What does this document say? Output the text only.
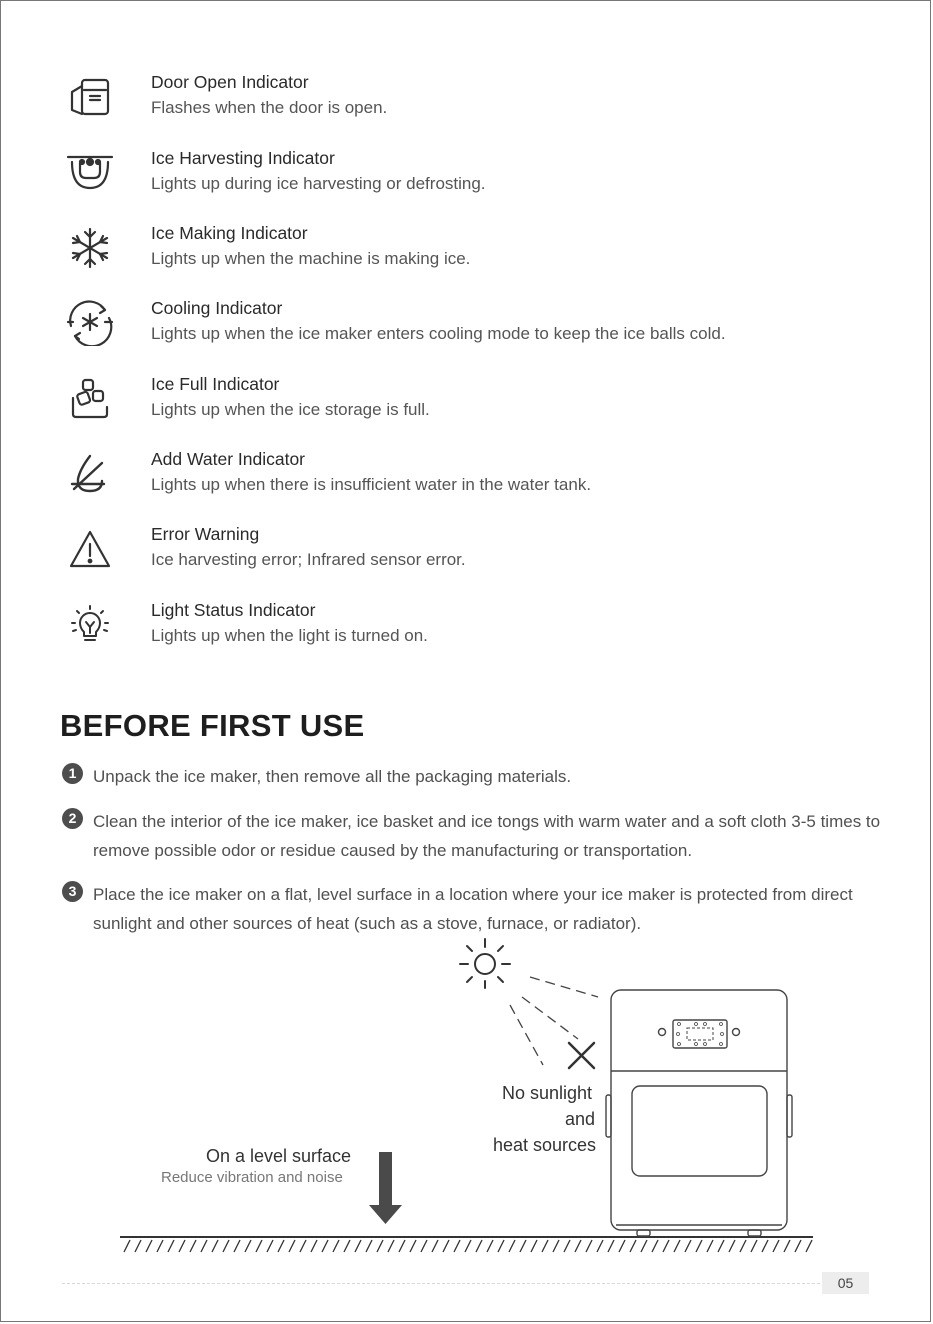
Door Open Indicator
Flashes when the door is open.
Ice Harvesting Indicator
Lights up during ice harvesting or defrosting.
Ice Making Indicator
Lights up when the machine is making ice.
Cooling Indicator
Lights up when the ice maker enters cooling mode to keep the ice balls cold.
Ice Full Indicator
Lights up when the ice storage is full.
Add Water Indicator
Lights up when there is insufficient water in the water tank.
Error Warning
Ice harvesting error; Infrared sensor error.
Light Status Indicator
Lights up when the light is turned on.
BEFORE FIRST USE
1 Unpack the ice maker, then remove all the packaging materials.
2 Clean the interior of the ice maker, ice basket and ice tongs with warm water and a soft cloth 3-5 times to remove possible odor or residue caused by the manufacturing or transportation.
3 Place the ice maker on a flat, level surface in a location where your ice maker is protected from direct sunlight and other sources of heat (such as a stove, furnace, or radiator).
No sunlight
and
heat sources
On a level surface
Reduce vibration and noise
05
